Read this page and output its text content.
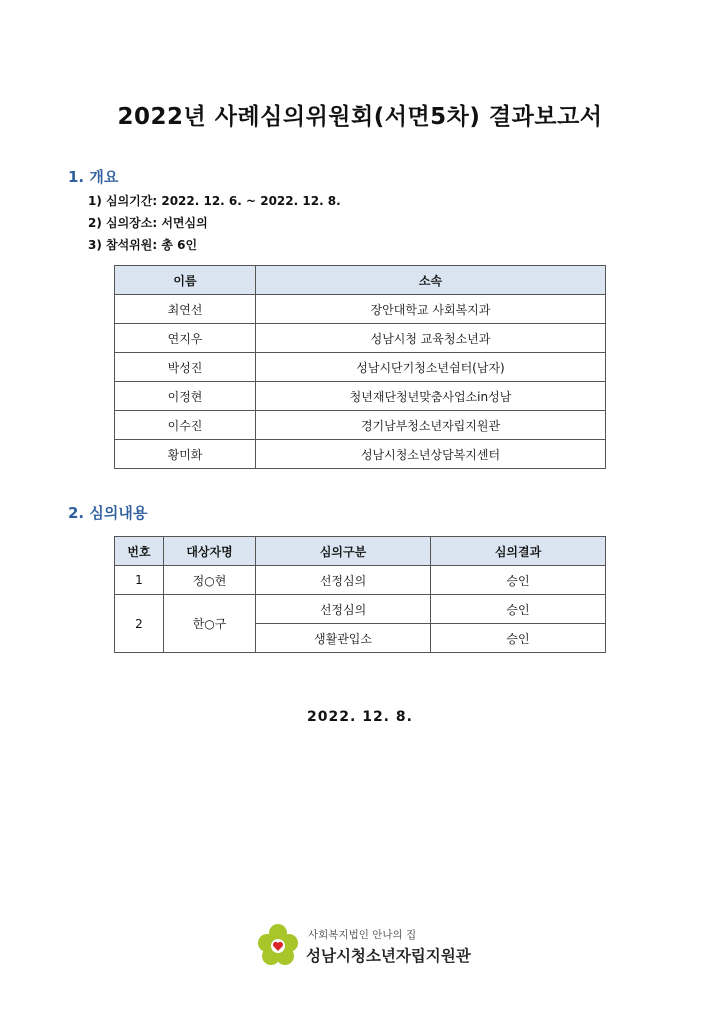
2022년 사례심의위원회(서면5차) 결과보고서
1. 개요
1) 심의기간: 2022. 12. 6. ~ 2022. 12. 8.
2) 심의장소: 서면심의
3) 참석위원: 총 6인
이름	소속
최연선	장안대학교 사회복지과
연지우	성남시청 교육청소년과
박성진	성남시단기청소년쉼터(남자)
이정현	청년재단청년맞춤사업소in성남
이수진	경기남부청소년자립지원관
황미화	성남시청소년상담복지센터
2. 심의내용
번호	대상자명	심의구분	심의결과
1	정○현	선정심의	승인
2	한○구	선정심의	승인
		생활관입소	승인
2022. 12. 8.
사회복지법인 안나의 집
성남시청소년자립지원관
